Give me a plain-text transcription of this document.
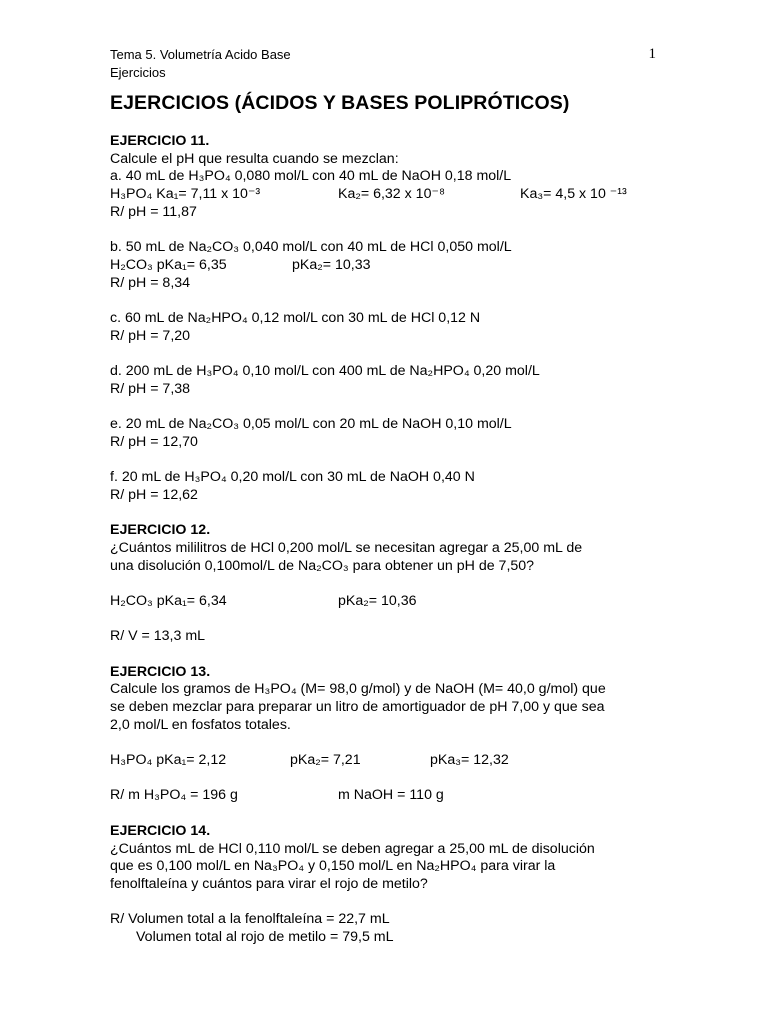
Tema 5. Volumetría Acido Base
Ejercicios
1
EJERCICIOS (ÁCIDOS Y BASES POLIPRÓTICOS)
EJERCICIO 11.
Calcule el pH que resulta cuando se mezclan:
a. 40 mL de H₃PO₄ 0,080 mol/L con 40 mL de NaOH 0,18 mol/L
H₃PO₄ Ka₁= 7,11 x 10⁻³	Ka₂= 6,32 x 10⁻⁸	Ka₃= 4,5 x 10 ⁻¹³
R/ pH = 11,87
b. 50 mL de Na₂CO₃ 0,040 mol/L con 40 mL de HCl 0,050 mol/L
H₂CO₃ pKa₁= 6,35	pKa₂= 10,33
R/ pH = 8,34
c. 60 mL de Na₂HPO₄ 0,12 mol/L con 30 mL de HCl 0,12 N
R/ pH = 7,20
d. 200 mL de H₃PO₄ 0,10 mol/L con 400 mL de Na₂HPO₄ 0,20 mol/L
R/ pH = 7,38
e. 20 mL de Na₂CO₃ 0,05 mol/L con 20 mL de NaOH 0,10 mol/L
R/ pH = 12,70
f. 20 mL de H₃PO₄ 0,20 mol/L con 30 mL de NaOH 0,40 N
R/ pH = 12,62
EJERCICIO 12.
¿Cuántos mililitros de HCl 0,200 mol/L se necesitan agregar a 25,00 mL de
una disolución 0,100mol/L de Na₂CO₃ para obtener un pH de 7,50?
H₂CO₃ pKa₁= 6,34	pKa₂= 10,36
R/ V = 13,3 mL
EJERCICIO 13.
Calcule los gramos de H₃PO₄ (M= 98,0 g/mol) y de NaOH (M= 40,0 g/mol) que
se deben mezclar para preparar un litro de amortiguador de pH 7,00 y que sea
2,0 mol/L en fosfatos totales.
H₃PO₄ pKa₁= 2,12	pKa₂= 7,21	pKa₃= 12,32
R/ m H₃PO₄ = 196 g	m NaOH = 110 g
EJERCICIO 14.
¿Cuántos mL de HCl 0,110 mol/L se deben agregar a 25,00 mL de disolución
que es 0,100 mol/L en Na₃PO₄ y 0,150 mol/L en Na₂HPO₄ para virar la
fenolftaleína y cuántos para virar el rojo de metilo?
R/ Volumen total a la fenolftaleína = 22,7 mL
Volumen total al rojo de metilo = 79,5 mL
